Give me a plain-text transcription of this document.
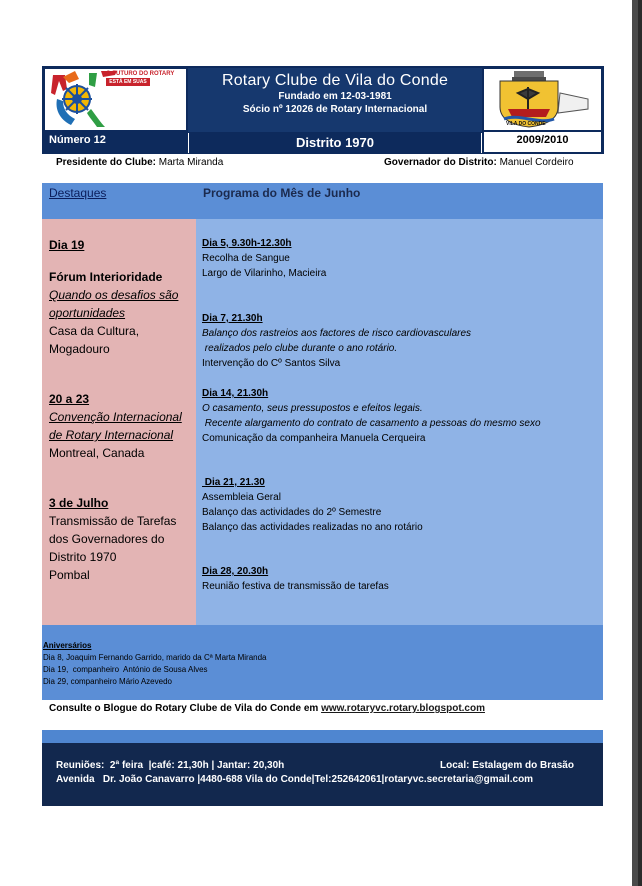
O FUTURO DO ROTARY
ESTÁ EM SUAS MÃOS
Rotary Clube de Vila do Conde
Fundado em 12-03-1981
Sócio nº 12026 de Rotary Internacional
VILA DO CONDE
Número 12	Distrito 1970	2009/2010
Presidente do Clube: Marta Miranda	Governador do Distrito: Manuel Cordeiro
Destaques	Programa do Mês de Junho
Dia 19
Fórum Interioridade
Quando os desafios são oportunidades
Casa da Cultura, Mogadouro
20 a 23
Convenção Internacional de Rotary Internacional
Montreal, Canada
3 de Julho
Transmissão de Tarefas dos Governadores do Distrito 1970
Pombal
Dia 5, 9.30h-12.30h
Recolha de Sangue
Largo de Vilarinho, Macieira
Dia 7, 21.30h
Balanço dos rastreios aos factores de risco cardiovasculares
realizados pelo clube durante o ano rotário.
Intervenção do Cº Santos Silva
Dia 14, 21.30h
O casamento, seus pressupostos e efeitos legais.
Recente alargamento do contrato de casamento a pessoas do mesmo sexo
Comunicação da companheira Manuela Cerqueira
Dia 21, 21.30
Assembleia Geral
Balanço das actividades do 2º Semestre
Balanço das actividades realizadas no ano rotário
Dia 28, 20.30h
Reunião festiva de transmissão de tarefas
Aniversários
Dia 8, Joaquim Fernando Garrido, marido da Cª Marta Miranda
Dia 19,  companheiro  António de Sousa Alves
Dia 29, companheiro Mário Azevedo
Consulte o Blogue do Rotary Clube de Vila do Conde em www.rotaryvc.rotary.blogspot.com
Reuniões:  2ª feira  |café: 21,30h | Jantar: 20,30h	Local: Estalagem do Brasão
Avenida   Dr. João Canavarro |4480-688 Vila do Conde|Tel:252642061|rotaryvc.secretaria@gmail.com
